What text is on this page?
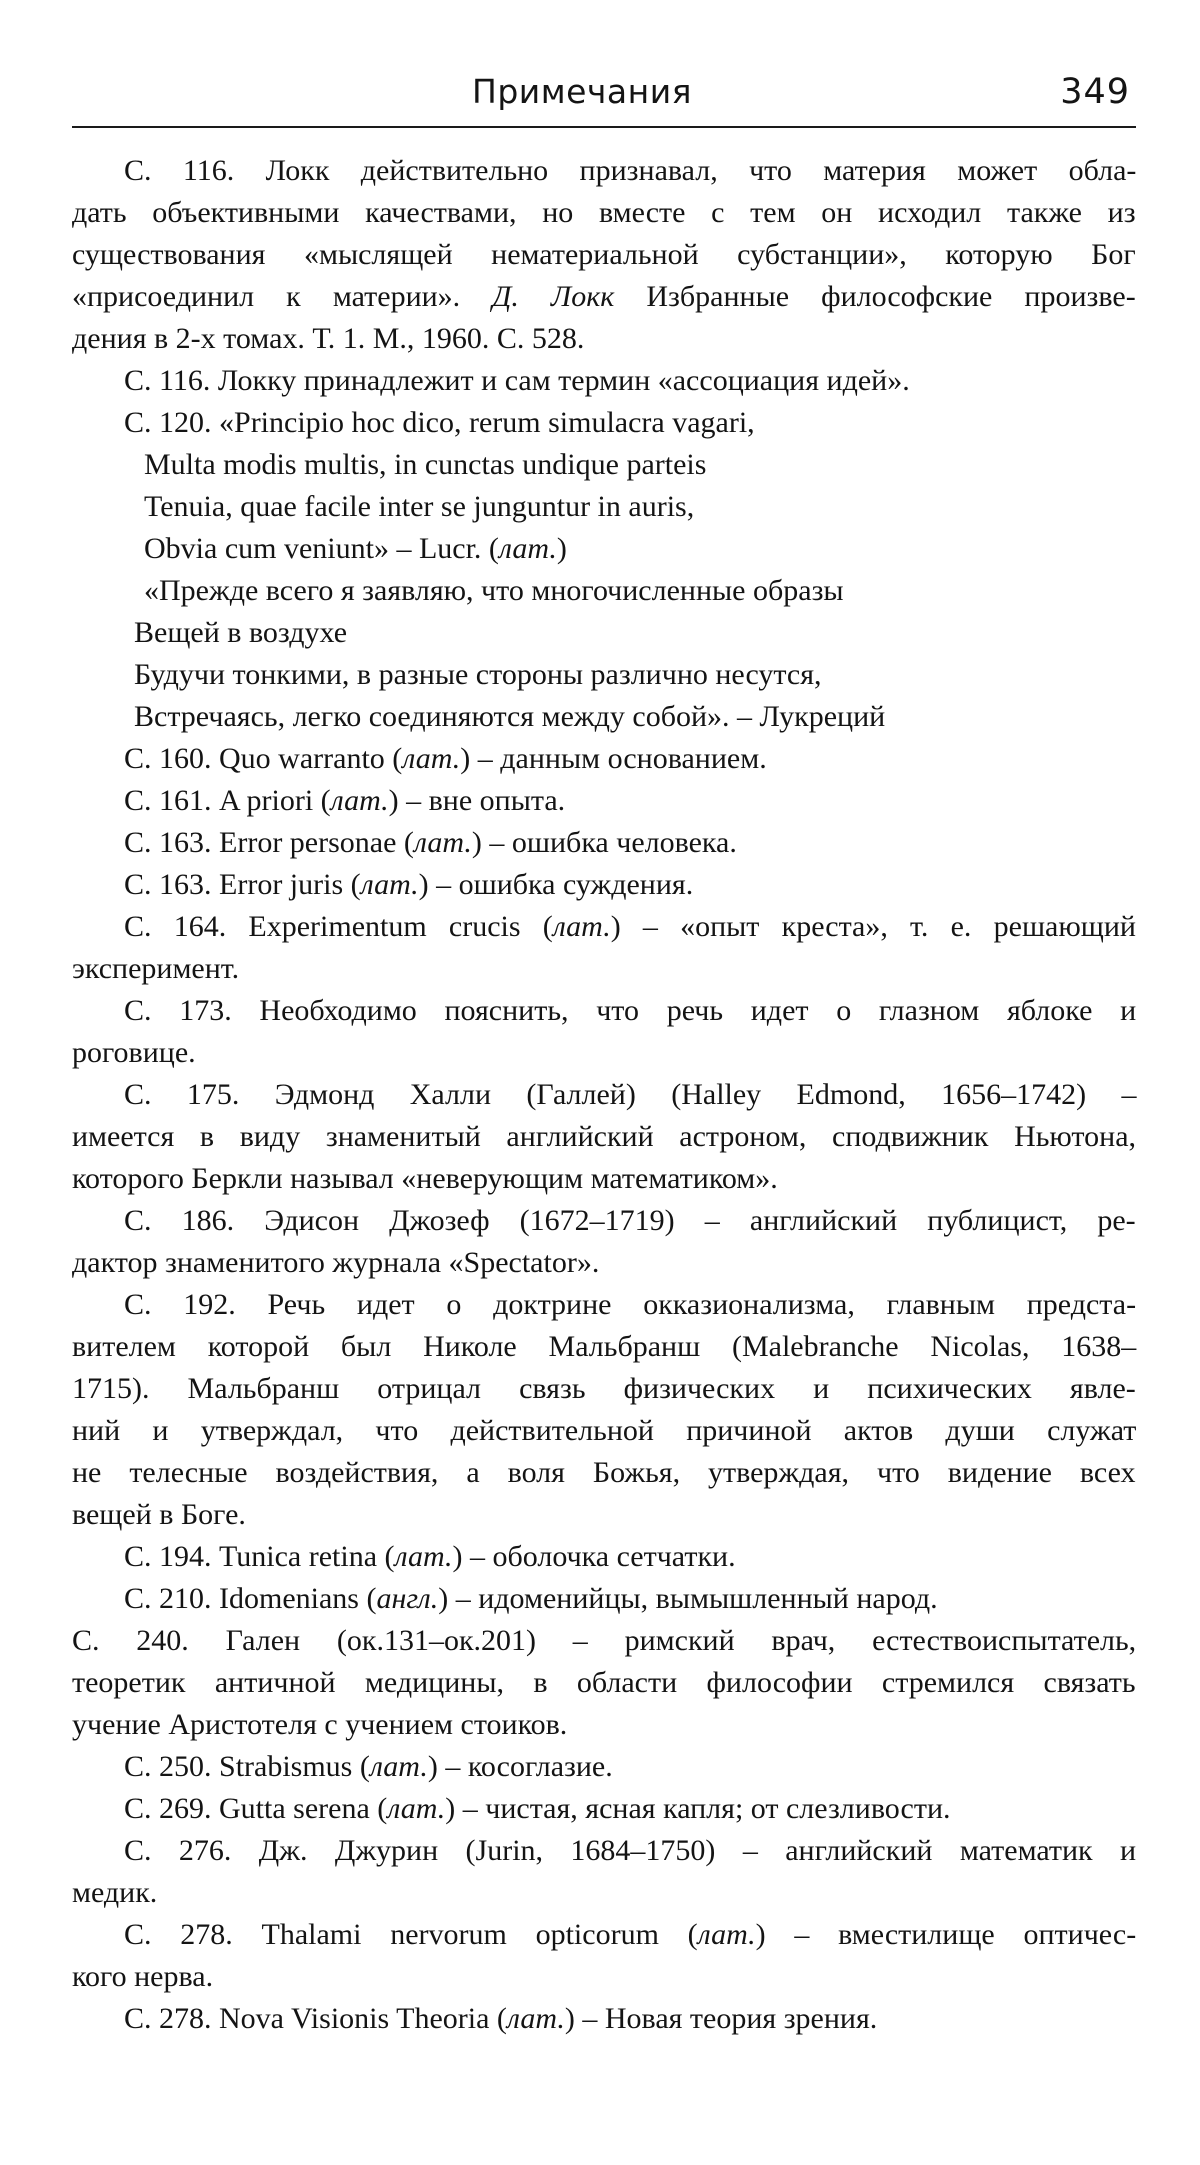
Примечания	349
С. 116. Локк действительно признавал, что материя может обла-
дать объективными качествами, но вместе с тем он исходил также из
существования «мыслящей нематериальной субстанции», которую Бог
«присоединил к материи». Д. Локк Избранные философские произве-
дения в 2-х томах. Т. 1. М., 1960. С. 528.
С. 116. Локку принадлежит и сам термин «ассоциация идей».
С. 120. «Principio hoc dico, rerum simulacra vagari,
Multa modis multis, in cunctas undique parteis
Tenuia, quae facile inter se junguntur in auris,
Obvia cum veniunt» – Lucr. (лат.)
«Прежде всего я заявляю, что многочисленные образы
Вещей в воздухе
Будучи тонкими, в разные стороны различно несутся,
Встречаясь, легко соединяются между собой». – Лукреций
С. 160. Quo warranto (лат.) – данным основанием.
С. 161. A priori (лат.) – вне опыта.
С. 163. Error personae (лат.) – ошибка человека.
С. 163. Error juris (лат.) – ошибка суждения.
С. 164. Experimentum crucis (лат.) – «опыт креста», т. е. решающий
эксперимент.
С. 173. Необходимо пояснить, что речь идет о глазном яблоке и
роговице.
С. 175. Эдмонд Халли (Галлей) (Halley Edmond, 1656–1742) –
имеется в виду знаменитый английский астроном, сподвижник Ньютона,
которого Беркли называл «неверующим математиком».
С. 186. Эдисон Джозеф (1672–1719) – английский публицист, ре-
дактор знаменитого журнала «Spectator».
С. 192. Речь идет о доктрине окказионализма, главным предста-
вителем которой был Николе Мальбранш (Malebranche Nicolas, 1638–
1715). Мальбранш отрицал связь физических и психических явле-
ний и утверждал, что действительной причиной актов души служат
не телесные воздействия, а воля Божья, утверждая, что видение всех
вещей в Боге.
С. 194. Tunica retina (лат.) – оболочка сетчатки.
С. 210. Idomenians (англ.) – идоменийцы, вымышленный народ.
С. 240. Гален (ок.131–ок.201) – римский врач, естествоиспытатель,
теоретик античной медицины, в области философии стремился связать
учение Аристотеля с учением стоиков.
С. 250. Strabismus (лат.) – косоглазие.
С. 269. Gutta serena (лат.) – чистая, ясная капля; от слезливости.
С. 276. Дж. Джурин (Jurin, 1684–1750) – английский математик и
медик.
С. 278. Thalami nervorum opticorum (лат.) – вместилище оптичес-
кого нерва.
С. 278. Nova Visionis Theoria (лат.) – Новая теория зрения.
